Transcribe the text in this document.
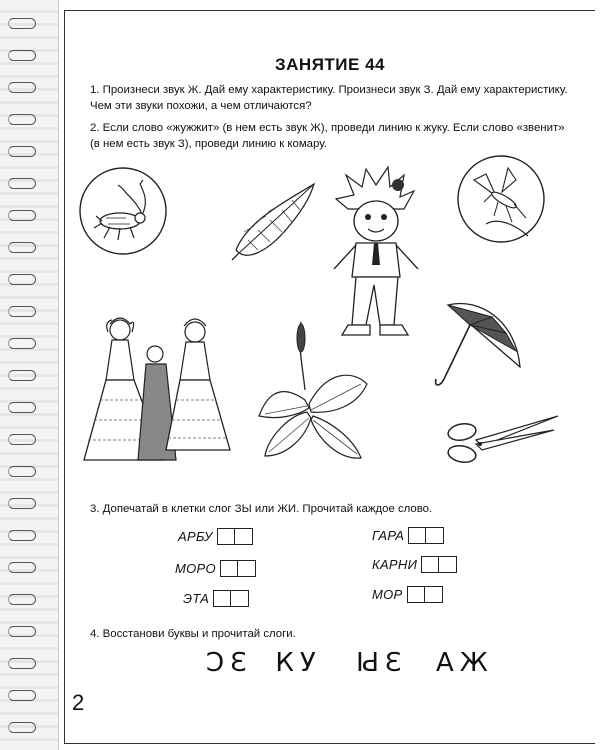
ЗАНЯТИЕ 44
1. Произнеси звук Ж. Дай ему характеристику. Произнеси звук З. Дай ему характеристику. Чем эти звуки похожи, а чем отличаются?
2. Если слово «жужжит» (в нем есть звук Ж), проведи линию к жуку. Если слово «звенит» (в нем есть звук З), проведи линию к комару.
3. Допечатай в клетки слог ЗЫ или ЖИ. Прочитай каждое слово.
АРБУ
МОРО
ЭТА
ГАРА
КАРНИ
МОР
4. Восстанови буквы и прочитай слоги.
ЗС КУ ЗЫ ЖА
2
